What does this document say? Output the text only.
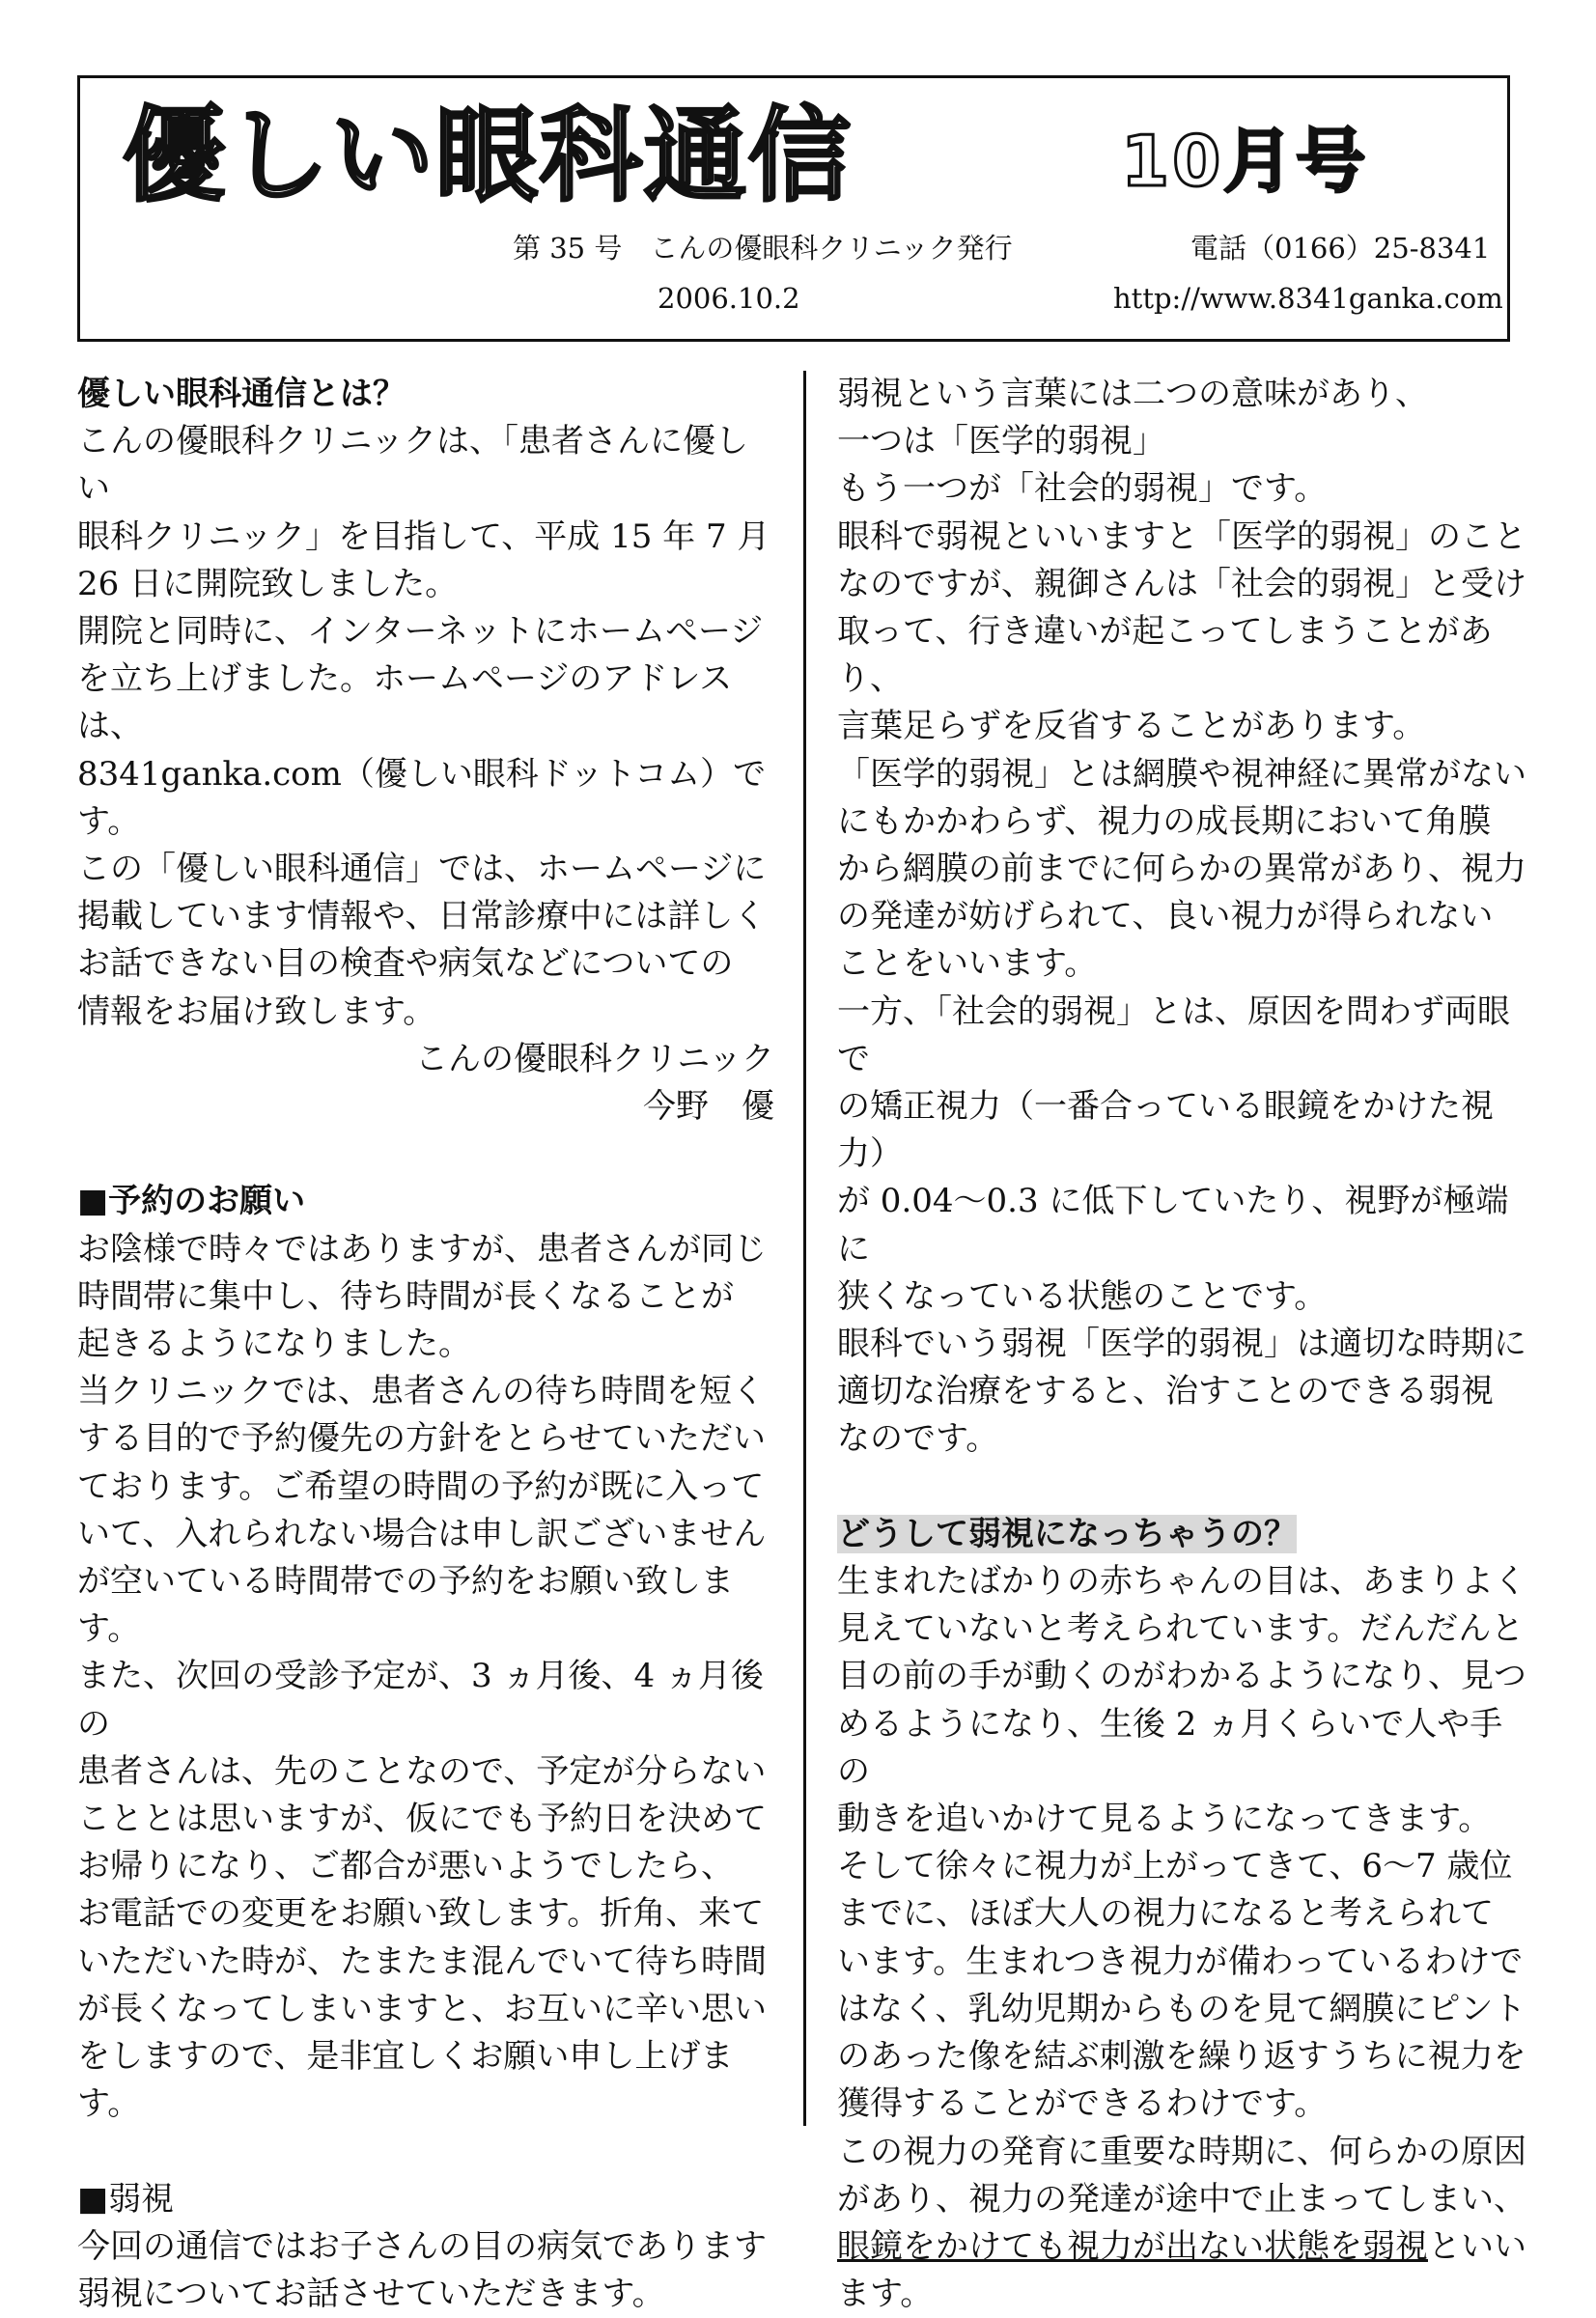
優しい眼科通信	10月号
第 35 号　こんの優眼科クリニック発行	電話（0166）25-8341
2006.10.2	http://www.8341ganka.com
優しい眼科通信とは？
こんの優眼科クリニックは、「患者さんに優しい
眼科クリニック」を目指して、平成 15 年 7 月
26 日に開院致しました。
開院と同時に、インターネットにホームページ
を立ち上げました。ホームページのアドレスは、
8341ganka.com（優しい眼科ドットコム）です。
この「優しい眼科通信」では、ホームページに
掲載しています情報や、日常診療中には詳しく
お話できない目の検査や病気などについての
情報をお届け致します。
こんの優眼科クリニック
今野　優
■予約のお願い
お陰様で時々ではありますが、患者さんが同じ
時間帯に集中し、待ち時間が長くなることが
起きるようになりました。
当クリニックでは、患者さんの待ち時間を短く
する目的で予約優先の方針をとらせていただい
ております。ご希望の時間の予約が既に入って
いて、入れられない場合は申し訳ございません
が空いている時間帯での予約をお願い致します。
また、次回の受診予定が、3 ヵ月後、4 ヵ月後の
患者さんは、先のことなので、予定が分らない
こととは思いますが、仮にでも予約日を決めて
お帰りになり、ご都合が悪いようでしたら、
お電話での変更をお願い致します。折角、来て
いただいた時が、たまたま混んでいて待ち時間
が長くなってしまいますと、お互いに辛い思い
をしますので、是非宜しくお願い申し上げます。
■弱視
今回の通信ではお子さんの目の病気であります
弱視についてお話させていただきます。
弱視という言葉には二つの意味があり、
一つは「医学的弱視」
もう一つが「社会的弱視」です。
眼科で弱視といいますと「医学的弱視」のこと
なのですが、親御さんは「社会的弱視」と受け
取って、行き違いが起こってしまうことがあり、
言葉足らずを反省することがあります。
「医学的弱視」とは網膜や視神経に異常がない
にもかかわらず、視力の成長期において角膜
から網膜の前までに何らかの異常があり、視力
の発達が妨げられて、良い視力が得られない
ことをいいます。
一方、「社会的弱視」とは、原因を問わず両眼で
の矯正視力（一番合っている眼鏡をかけた視力）
が 0.04～0.3 に低下していたり、視野が極端に
狭くなっている状態のことです。
眼科でいう弱視「医学的弱視」は適切な時期に
適切な治療をすると、治すことのできる弱視
なのです。
どうして弱視になっちゃうの？
生まれたばかりの赤ちゃんの目は、あまりよく
見えていないと考えられています。だんだんと
目の前の手が動くのがわかるようになり、見つ
めるようになり、生後 2 ヵ月くらいで人や手の
動きを追いかけて見るようになってきます。
そして徐々に視力が上がってきて、6～7 歳位
までに、ほぼ大人の視力になると考えられて
います。生まれつき視力が備わっているわけで
はなく、乳幼児期からものを見て網膜にピント
のあった像を結ぶ刺激を繰り返すうちに視力を
獲得することができるわけです。
この視力の発育に重要な時期に、何らかの原因
があり、視力の発達が途中で止まってしまい、
眼鏡をかけても視力が出ない状態を弱視といい
ます。
